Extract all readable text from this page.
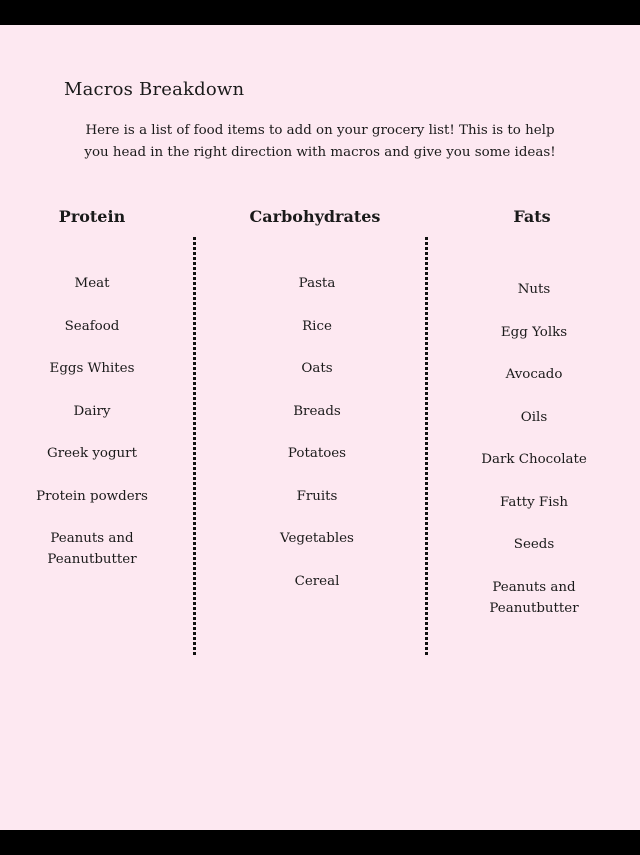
Macros Breakdown

Here is a list of food items to add on your grocery list! This is to help you head in the right direction with macros and give you some ideas!

Protein
Meat
Seafood
Eggs Whites
Dairy
Greek yogurt
Protein powders
Peanuts and Peanutbutter
Carbohydrates
Pasta
Rice
Oats
Breads
Potatoes
Fruits
Vegetables
Cereal
Fats
Nuts
Egg Yolks
Avocado
Oils
Dark Chocolate
Fatty Fish
Seeds
Peanuts and Peanutbutter
